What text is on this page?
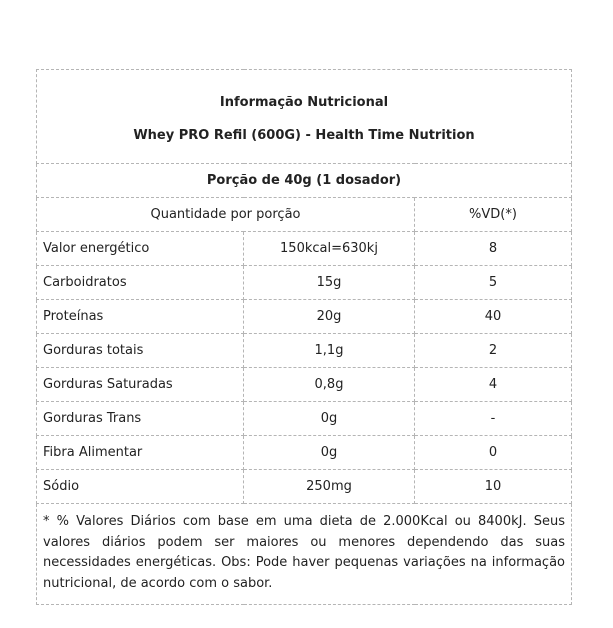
Informação Nutricional
Whey PRO Refil (600G) - Health Time Nutrition		

Porção de 40g (1 dosador)		
Quantidade por porção		%VD(*)
Valor energético	150kcal=630kj	8
Carboidratos	15g	5
Proteínas	20g	40
Gorduras totais	1,1g	2
Gorduras Saturadas	0,8g	4
Gorduras Trans	0g	-
Fibra Alimentar	0g	0
Sódio	250mg	10
* % Valores Diários com base em uma dieta de 2.000Kcal ou 8400kJ. Seus valores diários podem ser maiores ou menores dependendo das suas necessidades energéticas. Obs: Pode haver pequenas variações na informação nutricional, de acordo com o sabor.		
